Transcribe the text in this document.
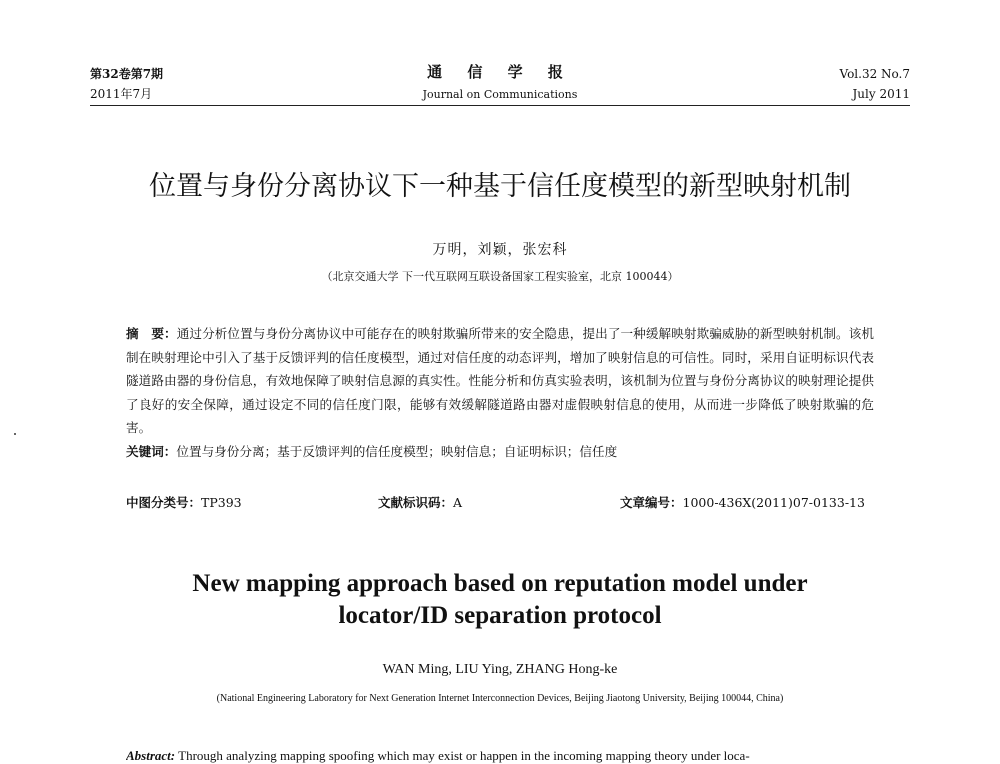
第32卷第7期
2011年7月
通 信 学 报
Journal on Communications
Vol.32 No.7
July 2011
位置与身份分离协议下一种基于信任度模型的新型映射机制
万明，刘颖，张宏科
（北京交通大学 下一代互联网互联设备国家工程实验室，北京 100044）
摘　要：通过分析位置与身份分离协议中可能存在的映射欺骗所带来的安全隐患，提出了一种缓解映射欺骗威胁的新型映射机制。该机制在映射理论中引入了基于反馈评判的信任度模型，通过对信任度的动态评判，增加了映射信息的可信性。同时，采用自证明标识代表隧道路由器的身份信息，有效地保障了映射信息源的真实性。性能分析和仿真实验表明，该机制为位置与身份分离协议的映射理论提供了良好的安全保障，通过设定不同的信任度门限，能够有效缓解隧道路由器对虚假映射信息的使用，从而进一步降低了映射欺骗的危害。
关键词：位置与身份分离；基于反馈评判的信任度模型；映射信息；自证明标识；信任度
中图分类号：TP393	文献标识码：A	文章编号：1000-436X(2011)07-0133-13
New mapping approach based on reputation model under
locator/ID separation protocol
WAN Ming, LIU Ying, ZHANG Hong-ke
(National Engineering Laboratory for Next Generation Internet Interconnection Devices, Beijing Jiaotong University, Beijing 100044, China)
Abstract: Through analyzing mapping spoofing which may exist or happen in the incoming mapping theory under loca-
